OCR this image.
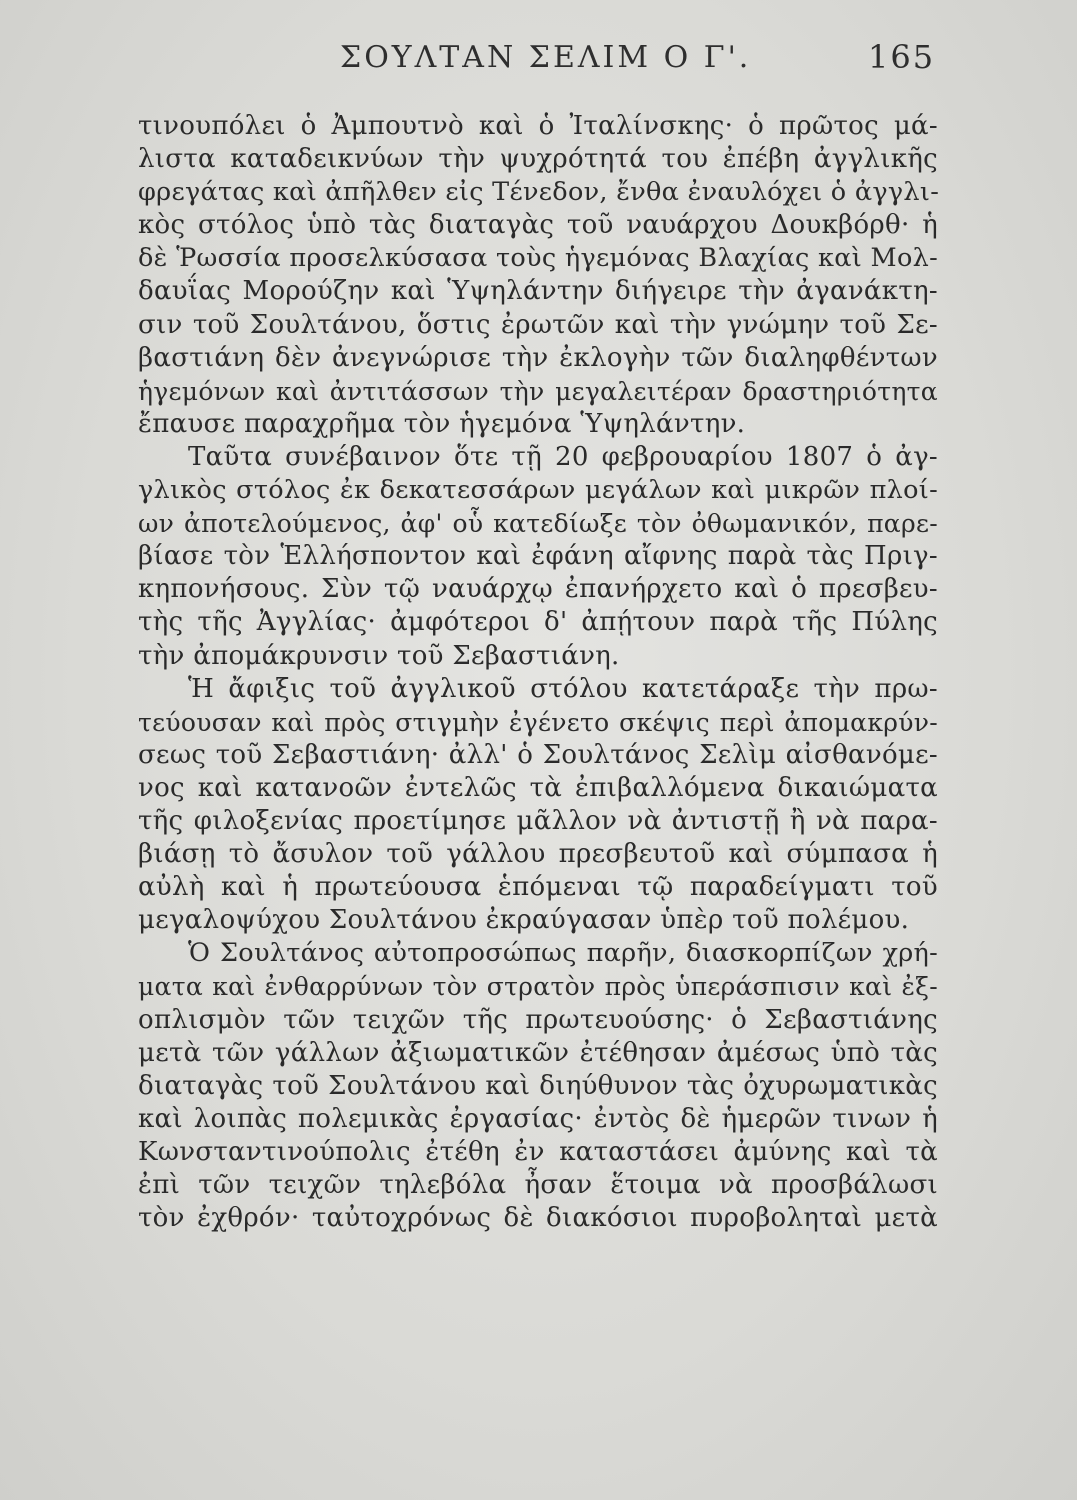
ΣΟΥΛΤΑΝ ΣΕΛΙΜ Ο Γ'.	165
τινουπόλει ὁ Ἀμπουτνὸ καὶ ὁ Ἰταλίνσκης· ὁ πρῶτος μά-
λιστα καταδεικνύων τὴν ψυχρότητά του ἐπέβη ἀγγλικῆς
φρεγάτας καὶ ἀπῆλθεν εἰς Τένεδον, ἔνθα ἐναυλόχει ὁ ἀγγλι-
κὸς στόλος ὑπὸ τὰς διαταγὰς τοῦ ναυάρχου Δουκβόρθ· ἡ
δὲ Ῥωσσία προσελκύσασα τοὺς ἡγεμόνας Βλαχίας καὶ Μολ-
δαυΐας Μορούζην καὶ Ὑψηλάντην διήγειρε τὴν ἀγανάκτη-
σιν τοῦ Σουλτάνου, ὅστις ἐρωτῶν καὶ τὴν γνώμην τοῦ Σε-
βαστιάνη δὲν ἀνεγνώρισε τὴν ἐκλογὴν τῶν διαληφθέντων
ἡγεμόνων καὶ ἀντιτάσσων τὴν μεγαλειτέραν δραστηριότητα
ἔπαυσε παραχρῆμα τὸν ἡγεμόνα Ὑψηλάντην.
Ταῦτα συνέβαινον ὅτε τῇ 20 φεβρουαρίου 1807 ὁ ἀγ-
γλικὸς στόλος ἐκ δεκατεσσάρων μεγάλων καὶ μικρῶν πλοί-
ων ἀποτελούμενος, ἀφ' οὗ κατεδίωξε τὸν ὀθωμανικόν, παρε-
βίασε τὸν Ἑλλήσποντον καὶ ἐφάνη αἴφνης παρὰ τὰς Πριγ-
κηπονήσους. Σὺν τῷ ναυάρχῳ ἐπανήρχετο καὶ ὁ πρεσβευ-
τὴς τῆς Ἀγγλίας· ἀμφότεροι δ' ἀπῄτουν παρὰ τῆς Πύλης
τὴν ἀπομάκρυνσιν τοῦ Σεβαστιάνη.
Ἡ ἄφιξις τοῦ ἀγγλικοῦ στόλου κατετάραξε τὴν πρω-
τεύουσαν καὶ πρὸς στιγμὴν ἐγένετο σκέψις περὶ ἀπομακρύν-
σεως τοῦ Σεβαστιάνη· ἀλλ' ὁ Σουλτάνος Σελὶμ αἰσθανόμε-
νος καὶ κατανοῶν ἐντελῶς τὰ ἐπιβαλλόμενα δικαιώματα
τῆς φιλοξενίας προετίμησε μᾶλλον νὰ ἀντιστῇ ἢ νὰ παρα-
βιάσῃ τὸ ἄσυλον τοῦ γάλλου πρεσβευτοῦ καὶ σύμπασα ἡ
αὐλὴ καὶ ἡ πρωτεύουσα ἑπόμεναι τῷ παραδείγματι τοῦ
μεγαλοψύχου Σουλτάνου ἐκραύγασαν ὑπὲρ τοῦ πολέμου.
Ὁ Σουλτάνος αὐτοπροσώπως παρῆν, διασκορπίζων χρή-
ματα καὶ ἐνθαρρύνων τὸν στρατὸν πρὸς ὑπεράσπισιν καὶ ἐξ-
οπλισμὸν τῶν τειχῶν τῆς πρωτευούσης· ὁ Σεβαστιάνης
μετὰ τῶν γάλλων ἀξιωματικῶν ἐτέθησαν ἀμέσως ὑπὸ τὰς
διαταγὰς τοῦ Σουλτάνου καὶ διηύθυνον τὰς ὀχυρωματικὰς
καὶ λοιπὰς πολεμικὰς ἐργασίας· ἐντὸς δὲ ἡμερῶν τινων ἡ
Κωνσταντινούπολις ἐτέθη ἐν καταστάσει ἀμύνης καὶ τὰ
ἐπὶ τῶν τειχῶν τηλεβόλα ἦσαν ἕτοιμα νὰ προσβάλωσι
τὸν ἐχθρόν· ταὐτοχρόνως δὲ διακόσιοι πυροβοληταὶ μετὰ
